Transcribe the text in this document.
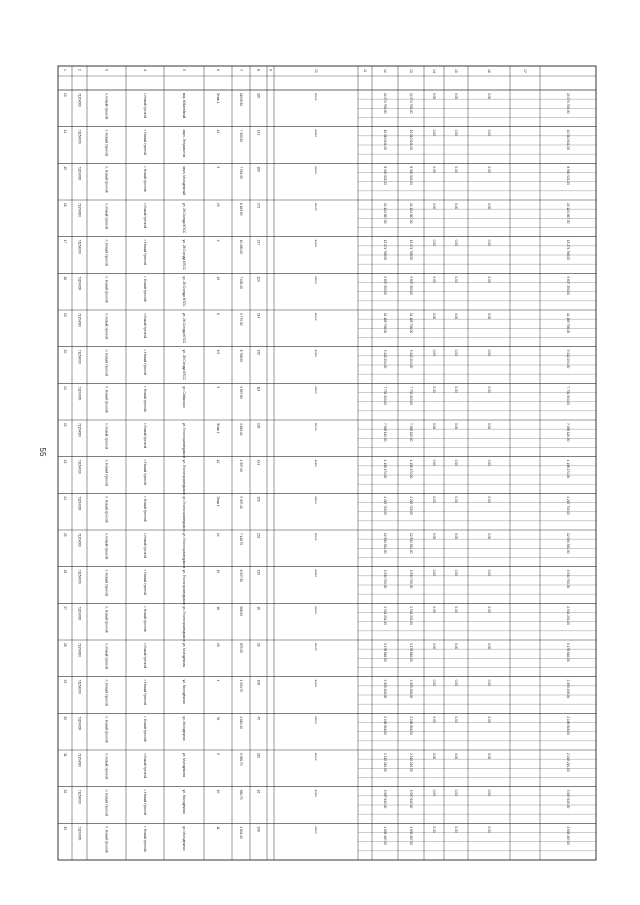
1	2	3	4	5	6	7	8 9	10	11	12	13	14	15	16	17
13	71154000	п. Новый Уренгой	г. Новый Уренгой	мкр. Юбилейный	Этаж 1	11949.32	320	всего	24 074 708.00	24 074 708.00	0.00	0.00	0.00	24 074 708.00
14	71154000	п. Новый Уренгой	г. Новый Уренгой	мкрн. Энтузиастов	11	7 303.90	141	всего	10 010 641.00	10 010 641.00	0.00	0.00	0.00	10 010 641.00
15	71154000	п. Новый Уренгой	г. Новый Уренгой	мкрн. Молодёжный	3	7 554.90	163	всего	8 940 021.00	8 940 021.00	0.00	0.00	0.00	8 940 021.00
16	71154000	п. Новый Уренгой	г. Новый Уренгой	ул. 26 Съезда КПСС	15	6 163.90	172	всего	24 124 367.00	24 124 367.00	0.00	0.00	0.00	24 124 367.00
17	71154000	п. Новый Уренгой	г. Новый Уренгой	ул. 26 Съезда КПСС	9	10 180.40	217	всего	13 274 768.00	13 274 768.00	0.00	0.00	0.00	13 274 768.00
18	71154000	п. Новый Уренгой	г. Новый Уренгой	ул. 26 Съезда КПСС	13	7 132.40	124	всего	5 607 350.00	5 607 350.00	0.00	0.00	0.00	5 607 350.00
19	71154000	п. Новый Уренгой	г. Новый Уренгой	ул. 26 Съезда КПСС	6	9 770.30	214	всего	11 185 736.00	11 185 736.00	0.00	0.00	0.00	11 185 736.00
20	71154000	п. Новый Уренгой	г. Новый Уренгой	ул. 26 Съезда КПСС	8.5	6 788.90	150	всего	9 412 254.00	9 412 254.00	0.00	0.00	0.00	9 412 254.00
21	71154000	п. Новый Уренгой	г. Новый Уренгой	ул. Сибирская	3	5 857.80	114	всего	7 701 910.00	7 701 910.00	0.00	0.00	0.00	7 701 910.00
22	71154000	п. Новый Уренгой	г. Новый Уренгой	ул. Геологоразведчиков	Этаж 1	4 633.40	133	всего	7 058 115.00	7 058 115.00	0.00	0.00	0.00	7 058 115.00
23	71154000	п. Новый Уренгой	г. Новый Уренгой	ул. Геологоразведчиков	12	4 997.40	141	всего	4 136 171.00	4 136 171.00	0.00	0.00	0.00	4 136 171.00
24	71154000	п. Новый Уренгой	г. Новый Уренгой	ул. Геологоразведчиков	Этаж 1	5 337.40	159	всего	4 215 715.00	4 215 715.00	0.00	0.00	0.00	4 215 715.00
25	71154000	п. Новый Уренгой	г. Новый Уренгой	ул. Геологоразведчиков	14	7 118.70	152	всего	12 534 331.00	12 534 331.00	0.00	0.00	0.00	12 534 331.00
26	71154000	п. Новый Уренгой	г. Новый Уренгой	ул. Геологоразведчиков	15	6 057.30	159	всего	3 534 700.00	3 534 700.00	0.00	0.00	0.00	3 534 700.00
27	71154000	п. Новый Уренгой	г. Новый Уренгой	ул. Геологоразведчиков	16	966.90	16	всего	2 541 251.00	2 541 251.00	0.00	0.00	0.00	2 541 251.00
28	71154000	п. Новый Уренгой	г. Новый Уренгой	ул. Молодёжная	18	870.90	16	всего	3 178 616.00	3 178 616.00	0.00	0.00	0.00	3 178 616.00
29	71154000	п. Новый Уренгой	г. Новый Уренгой	ул. Молодёжная	4	4 094.70	108	всего	2 390 408.00	2 390 408.00	0.00	0.00	0.00	2 390 408.00
30	71154000	п. Новый Уренгой	г. Новый Уренгой	ул. Молодёжная	7А	4 610.40	45	всего	2 196 816.00	2 196 816.00	0.00	0.00	0.00	2 196 816.00
31	71154000	п. Новый Уренгой	г. Новый Уренгой	ул. Молодёжная	9	5 096.70	110	всего	2 219 210.00	2 219 210.00	0.00	0.00	0.00	2 219 210.00
32	71154000	п. Новый Уренгой	г. Новый Уренгой	ул. Молодёжная	10	960.70	16	всего	3 087 615.00	3 087 615.00	0.00	0.00	0.00	3 087 615.00
33	71154000	п. Новый Уренгой	г. Новый Уренгой	ул. Молодёжная	11	4 601.40	108	всего	4 633 467.00	4 633 467.00	0.00	0.00	0.00	4 633 467.00
55
